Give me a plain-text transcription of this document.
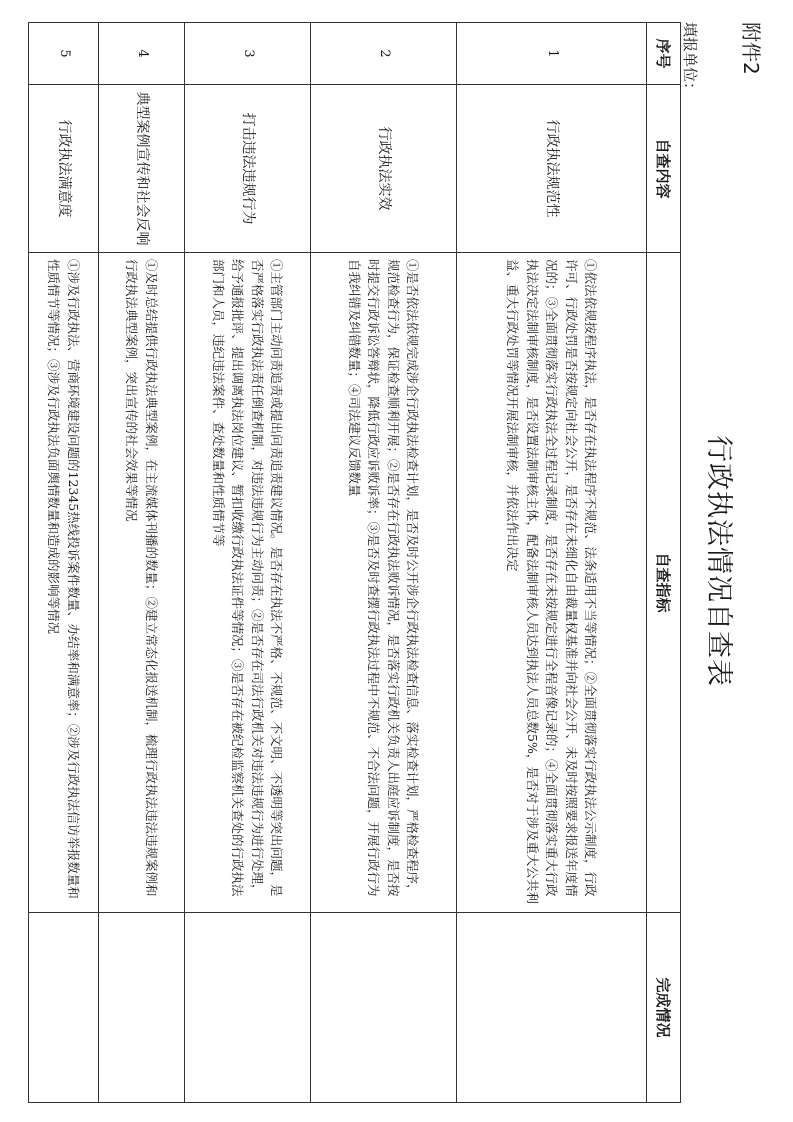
附件2
行政执法情况自查表
填报单位：
序号	自查内容	自查指标	完成情况
1	行政执法规范性	①依法依规按程序执法，是否存在执法程序不规范、法条适用不当等情况；②全面贯彻落实行政执法公示制度，行政许可、行政处罚是否按规定向社会公开，是否存在未细化自由裁量权基准并向社会公开、未及时按照要求报送年度情况的；③全面贯彻落实行政执法全过程记录制度，是否存在未按规定进行全程音像记录的；④全面贯彻落实重大行政执法决定法制审核制度，是否设置法制审核主体，配备法制审核人员达到执法人员总数5%，是否对于涉及重大公共利益、重大行政处罚等情况开展法制审核，并依法作出决定	
2	行政执法实效	①是否依法依规完成涉企行政执法检查计划，是否及时公开涉企行政执法检查信息、落实检查计划，严格检查程序，规范检查行为，保证检查顺利开展；②是否存在行政执法败诉情况，是否落实行政机关负责人出庭应诉制度，是否按时提交行政诉讼答辩状，降低行政应诉败诉率；③是否及时查摆行政执法过程中不规范、不合法问题，开展行政行为自我纠错及纠错数量；④司法建议反馈数量	
3	打击违法违规行为	①主管部门主动问责追责或提出问责追责建议情况。是否存在执法不严格、不规范、不文明、不透明等突出问题，是否严格落实行政执法责任倒查机制，对违法违规行为主动问责；②是否存在司法行政机关对违法违规行为进行处理，给予通报批评、提出调离执法岗位建议、暂扣收缴行政执法证件等情况；③是否存在被纪检监察机关查处的行政执法部门和人员，违纪违法案件、查处数量和性质情节等	
4	典型案例宣传和社会反响	①及时总结提供行政执法典型案例，在主流媒体刊播的数量；②建立常态化报送机制，梳理行政执法违法违规案例和行政执法典型案例，突出宣传的社会效果等情况	
5	行政执法满意度	①涉及行政执法、营商环境建设问题的12345热线投诉案件数量、办结率和满意率；②涉及行政执法信访举报数量和性质情节等情况；③涉及行政执法负面舆情数量和造成的影响等情况	
